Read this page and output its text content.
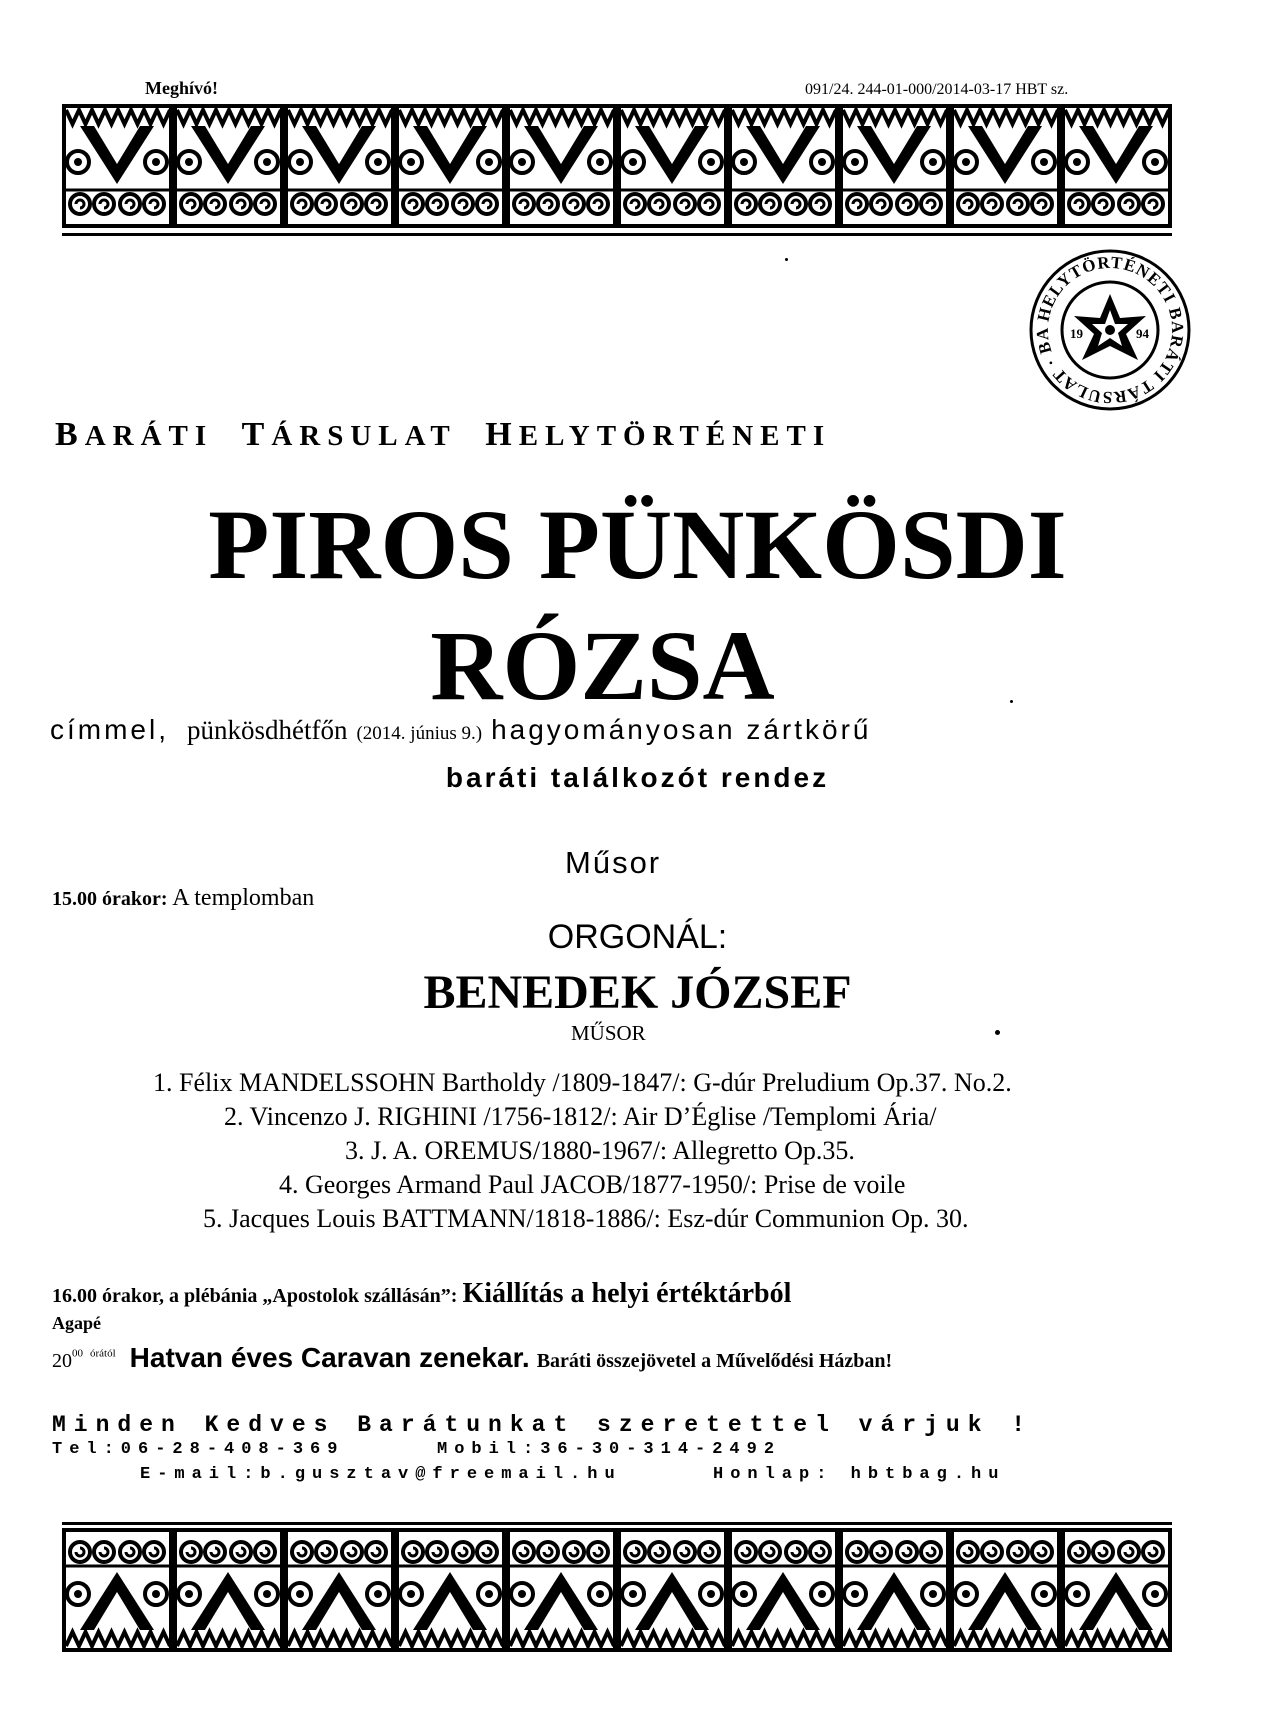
Meghívó!	091/24. 244-01-000/2014-03-17 HBT sz.
HELYTÖRTÉNETI BARÁTI TÁRSULAT · BA	19	94
BARÁTI TÁRSULAT HELYTÖRTÉNETI
PIROS PÜNKÖSDI
RÓZSA
címmel, pünkösdhétfőn (2014. június 9.) hagyományosan zártkörű
baráti találkozót rendez
Műsor
15.00 órakor: A templomban
ORGONÁL:
BENEDEK JÓZSEF
MŰSOR
1. Félix MANDELSSOHN Bartholdy /1809-1847/: G-dúr Preludium Op.37. No.2.
2. Vincenzo J. RIGHINI /1756-1812/: Air D’Église /Templomi Ária/
3. J. A. OREMUS/1880-1967/: Allegretto Op.35.
4. Georges Armand Paul JACOB/1877-1950/: Prise de voile
5. Jacques Louis BATTMANN/1818-1886/: Esz-dúr Communion Op. 30.
16.00 órakor, a plébánia „Apostolok szállásán”: Kiállítás a helyi értéktárból
Agapé
$20^{00}$ $^{órától}$ Hatvan éves Caravan zenekar. Baráti összejövetel a Művelődési Házban!
Minden Kedves Barátunkat szeretettel várjuk !
Tel:06-28-408-369	Mobil:36-30-314-2492
E-mail:b.gusztav@freemail.hu	Honlap: hbtbag.hu
